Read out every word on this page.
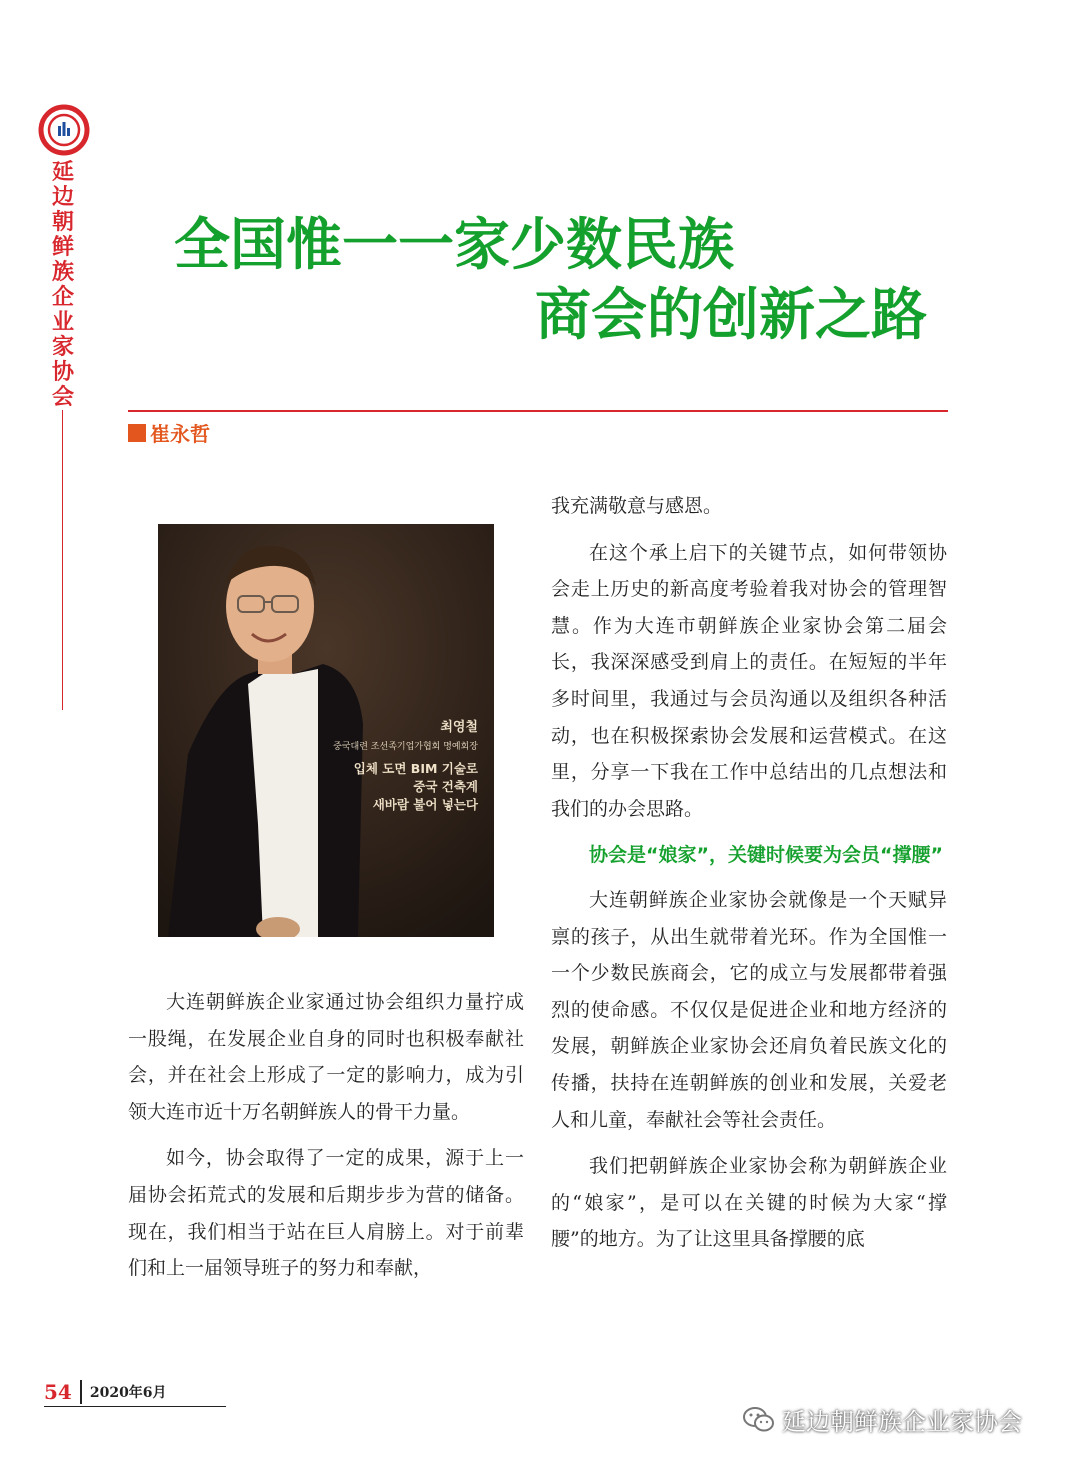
延边朝鲜族企业家协会
全国惟一一家少数民族
商会的创新之路
崔永哲
최영철
중국대련 조선족기업가협회 명예회장
입체 도면 BIM 기술로
중국 건축계
새바람 불어 넣는다

大连朝鲜族企业家通过协会组织力量拧成一股绳，在发展企业自身的同时也积极奉献社会，并在社会上形成了一定的影响力，成为引领大连市近十万名朝鲜族人的骨干力量。

如今，协会取得了一定的成果，源于上一届协会拓荒式的发展和后期步步为营的储备。现在，我们相当于站在巨人肩膀上。对于前辈们和上一届领导班子的努力和奉献，

我充满敬意与感恩。

在这个承上启下的关键节点，如何带领协会走上历史的新高度考验着我对协会的管理智慧。作为大连市朝鲜族企业家协会第二届会长，我深深感受到肩上的责任。在短短的半年多时间里，我通过与会员沟通以及组织各种活动，也在积极探索协会发展和运营模式。在这里，分享一下我在工作中总结出的几点想法和我们的办会思路。

协会是“娘家”，关键时候要为会员“撑腰”

大连朝鲜族企业家协会就像是一个天赋异禀的孩子，从出生就带着光环。作为全国惟一一个少数民族商会，它的成立与发展都带着强烈的使命感。不仅仅是促进企业和地方经济的发展，朝鲜族企业家协会还肩负着民族文化的传播，扶持在连朝鲜族的创业和发展，关爱老人和儿童，奉献社会等社会责任。

我们把朝鲜族企业家协会称为朝鲜族企业的“娘家”，是可以在关键的时候为大家“撑腰”的地方。为了让这里具备撑腰的底

54 2020年6月
延边朝鲜族企业家协会
